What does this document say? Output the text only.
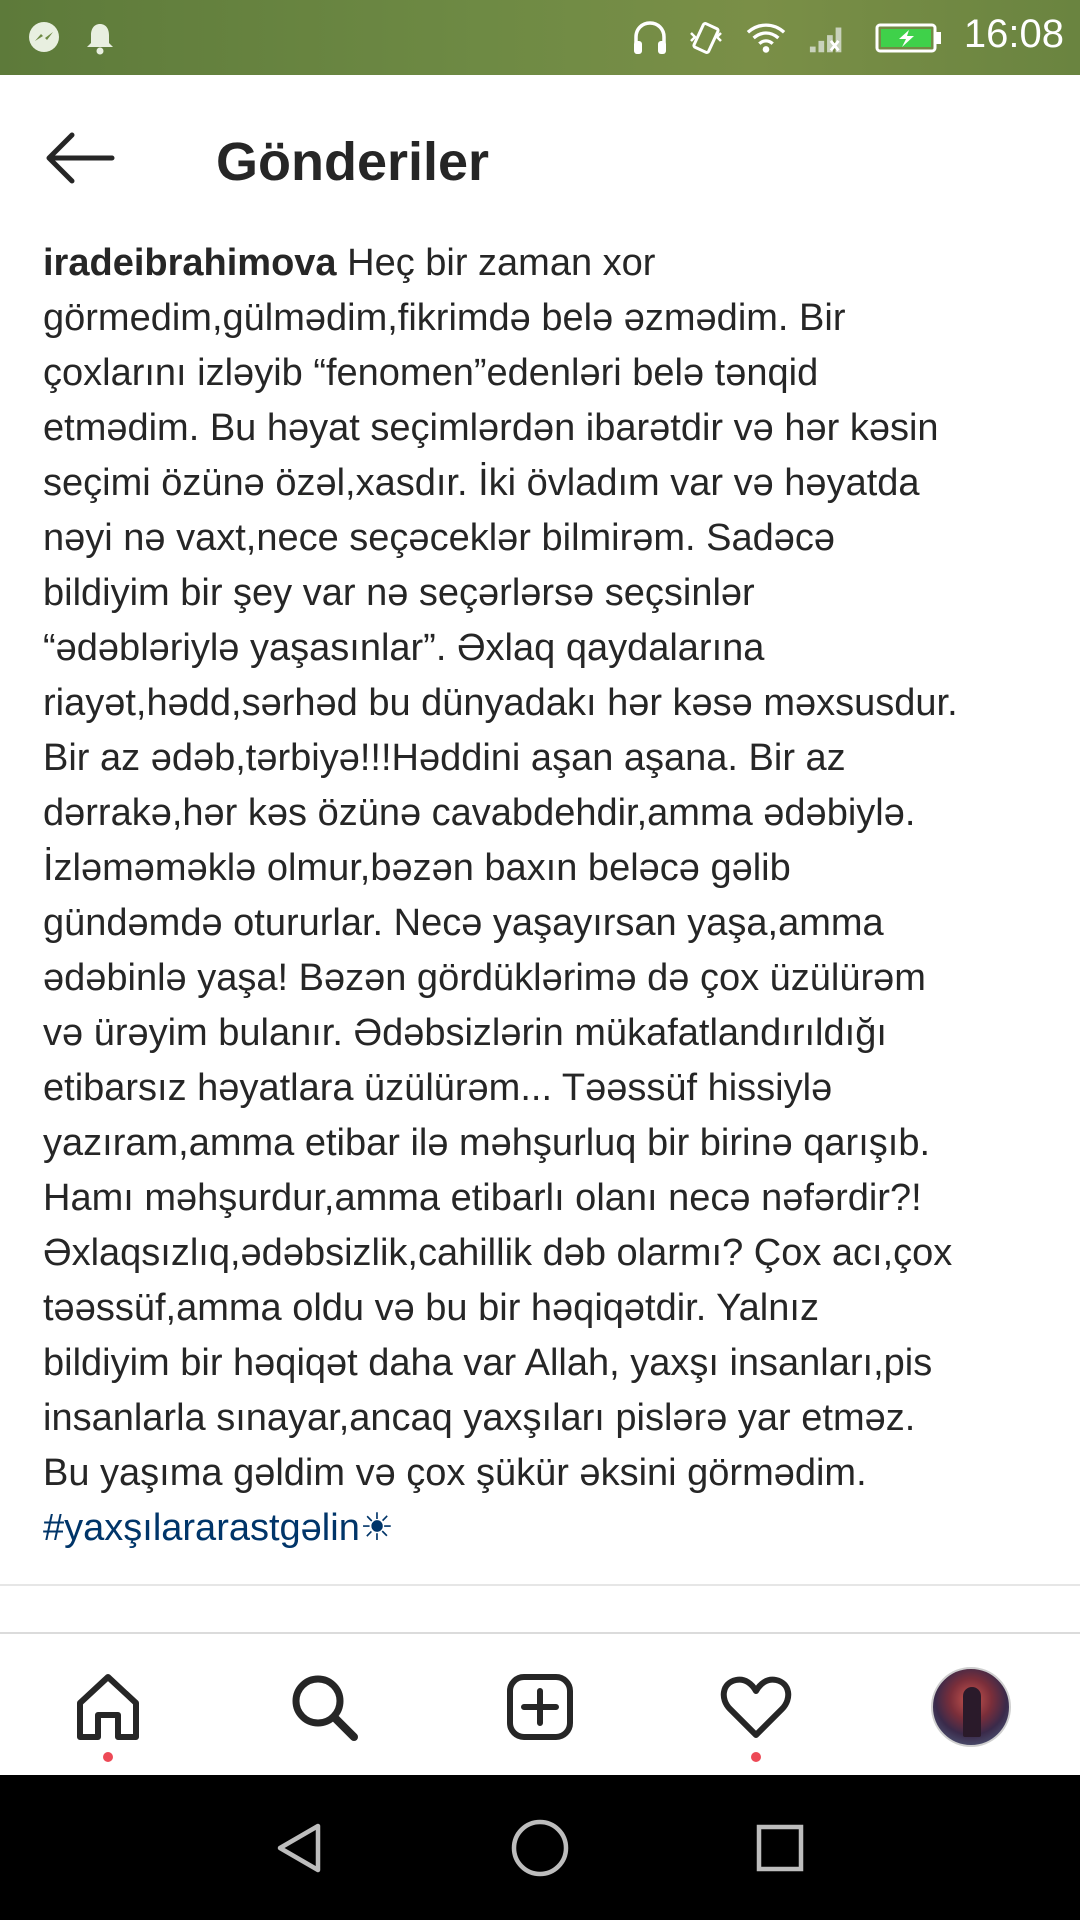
16:08
Gönderiler

iradeibrahimova Heç bir zaman xor

görmedim,gülmədim,fikrimdə belə əzmədim. Bir

çoxlarını izləyib “fenomen”edenləri belə tənqid

etmədim. Bu həyat seçimlərdən ibarətdir və hər kəsin

seçimi özünə özəl,xasdır. İki övladım var və həyatda

nəyi nə vaxt,nece seçəceklər bilmirəm. Sadəcə

bildiyim bir şey var nə seçərlərsə seçsinlər

“ədəbləriylə yaşasınlar”. Əxlaq qaydalarına

riayət,hədd,sərhəd bu dünyadakı hər kəsə məxsusdur.

Bir az ədəb,tərbiyə!!!Həddini aşan aşana. Bir az

dərrakə,hər kəs özünə cavabdehdir,amma ədəbiylə.

İzləməməklə olmur,bəzən baxın beləcə gəlib

gündəmdə otururlar. Necə yaşayırsan yaşa,amma

ədəbinlə yaşa! Bəzən gördüklərimə də çox üzülürəm

və ürəyim bulanır. Ədəbsizlərin mükafatlandırıldığı

etibarsız həyatlara üzülürəm... Təəssüf hissiylə

yazıram,amma etibar ilə məhşurluq bir birinə qarışıb.

Hamı məhşurdur,amma etibarlı olanı necə nəfərdir?!

Əxlaqsızlıq,ədəbsizlik,cahillik dəb olarmı? Çox acı,çox

təəssüf,amma oldu və bu bir həqiqətdir. Yalnız

bildiyim bir həqiqət daha var Allah, yaxşı insanları,pis

insanlarla sınayar,ancaq yaxşıları pislərə yar etməz.

Bu yaşıma gəldim və çox şükür əksini görmədim.

#yaxşılararastgəlin☀
